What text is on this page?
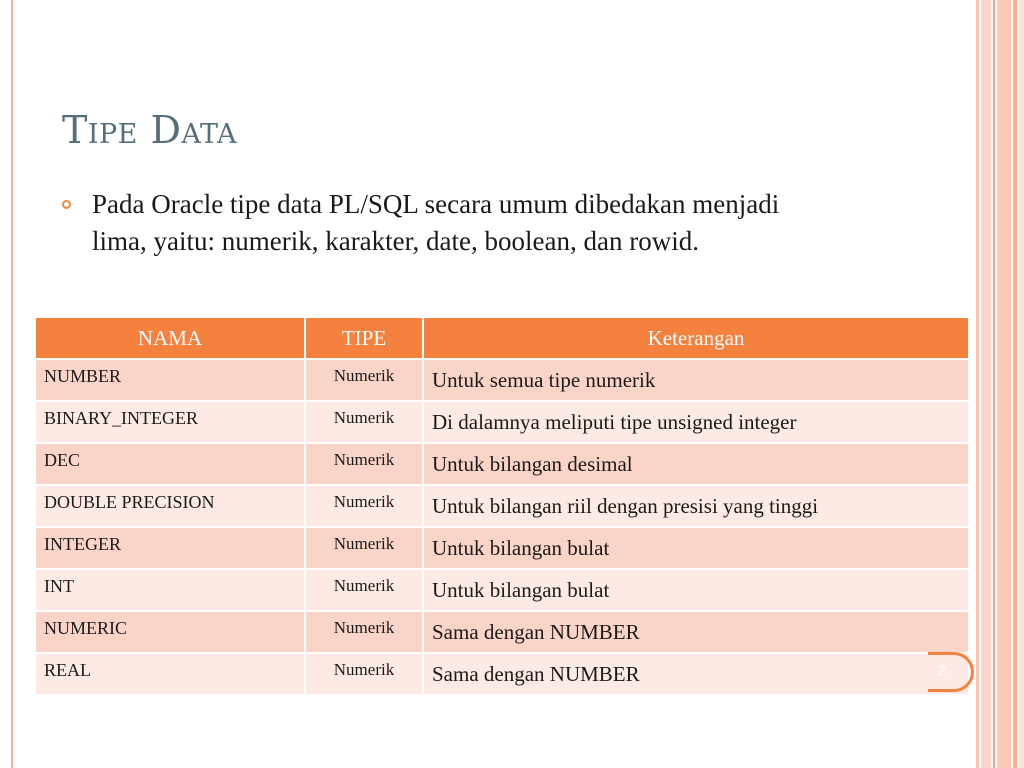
Tipe Data
Pada Oracle tipe data PL/SQL secara umum dibedakan menjadi lima, yaitu: numerik, karakter, date, boolean, dan rowid.
NAMA	TIPE	Keterangan
NUMBER	Numerik	Untuk semua tipe numerik
BINARY_INTEGER	Numerik	Di dalamnya meliputi tipe unsigned integer
DEC	Numerik	Untuk bilangan desimal
DOUBLE PRECISION	Numerik	Untuk bilangan riil dengan presisi yang tinggi
INTEGER	Numerik	Untuk bilangan bulat
INT	Numerik	Untuk bilangan bulat
NUMERIC	Numerik	Sama dengan NUMBER
REAL	Numerik	Sama dengan NUMBER	2
